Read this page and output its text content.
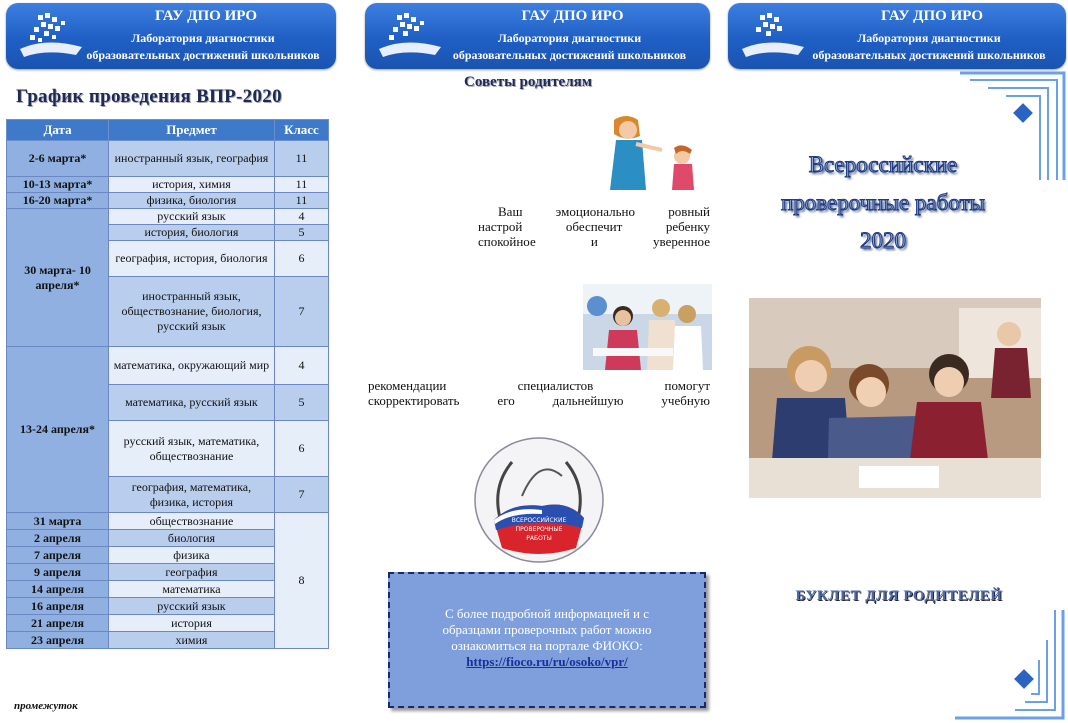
ГАУ ДПО ИРО
Лаборатория диагностики
образовательных достижений школьников
График проведения ВПР-2020
Дата	Предмет	Класс
2-6 марта*	иностранный язык, география	11
10-13 марта*	история, химия	11
16-20 марта*	физика, биология	11
30 марта- 10 апреля*	русский язык	4
	история, биология	5
	география, история, биология	6
	иностранный язык, обществознание, биология, русский язык	7
13-24 апреля*	математика, окружающий мир	4
	математика, русский язык	5
	русский язык, математика, обществознание	6
	география, математика, физика, история	7
31 марта	обществознание	8
2 апреля	биология	
7 апреля	физика	
9 апреля	география	
14 апреля	математика	
16 апреля	русский язык	
21 апреля	история	
23 апреля	химия	
промежуток
ГАУ ДПО ИРО
Лаборатория диагностики
образовательных достижений школьников
Советы родителям
Ваш эмоционально ровный
настрой обеспечит ребенку
спокойное и уверенное
рекомендации специалистов помогут
скорректировать его дальнейшую учебную
ВСЕРОССИЙСКИЕ
ПРОВЕРОЧНЫЕ
РАБОТЫ
С более подробной информацией и с
образцами проверочных работ можно
ознакомиться на портале ФИОКО:
https://fioco.ru/ru/osoko/vpr/
ГАУ ДПО ИРО
Лаборатория диагностики
образовательных достижений школьников
Всероссийские
проверочные работы
2020
БУКЛЕТ ДЛЯ РОДИТЕЛЕЙ
